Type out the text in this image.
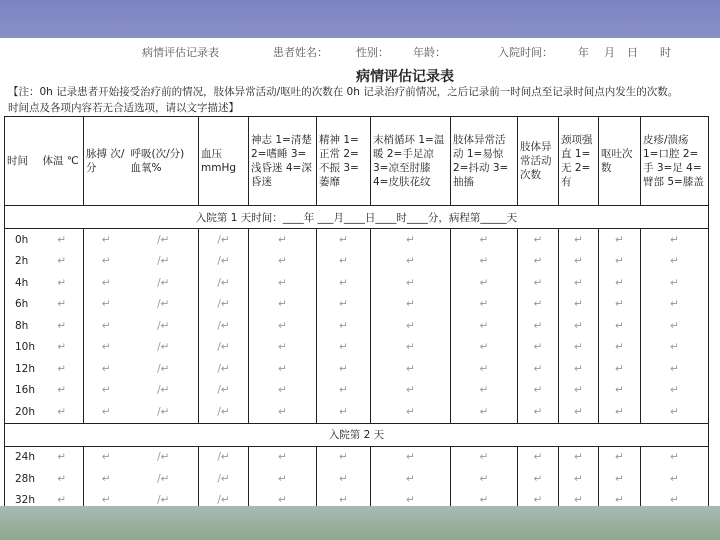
病情评估记录表	患者姓名：	性别： 年龄：	入院时间： 年 月 日 时
病情评估记录表
【注：0h 记录患者开始接受治疗前的情况，肢体异常活动/呕吐的次数在 0h 记录治疗前情况，之后记录前一时间点至记录时间点内发生的次数。
时间点及各项内容若无合适选项，请以文字描述】
时间	体温 ℃	脉搏 次/分	呼吸(次/分) 血氧%	血压 mmHg	神志 1=清楚 2=嗜睡 3=浅昏迷 4=深昏迷	精神 1=正常 2=不振 3=萎靡	末梢循环 1=温暖 2=手足凉 3=凉至肘膝 4=皮肤花纹	肢体异常活动 1=易惊 2=抖动 3=抽搐	肢体异常活动次数	颈项强直 1=无 2=有	呕吐次数	皮疹/溃疡 1=口腔 2=手 3=足 4=臂部 5=膝盖
入院第 1 天时间：____年 ___月____日____时____分，病程第_____天												
0h	↵	↵	/↵	/↵	↵	↵	↵	↵	↵	↵	↵	↵
2h	↵	↵	/↵	/↵	↵	↵	↵	↵	↵	↵	↵	↵
4h	↵	↵	/↵	/↵	↵	↵	↵	↵	↵	↵	↵	↵
6h	↵	↵	/↵	/↵	↵	↵	↵	↵	↵	↵	↵	↵
8h	↵	↵	/↵	/↵	↵	↵	↵	↵	↵	↵	↵	↵
10h	↵	↵	/↵	/↵	↵	↵	↵	↵	↵	↵	↵	↵
12h	↵	↵	/↵	/↵	↵	↵	↵	↵	↵	↵	↵	↵
16h	↵	↵	/↵	/↵	↵	↵	↵	↵	↵	↵	↵	↵
20h	↵	↵	/↵	/↵	↵	↵	↵	↵	↵	↵	↵	↵
入院第 2 天												
24h	↵	↵	/↵	/↵	↵	↵	↵	↵	↵	↵	↵	↵
28h	↵	↵	/↵	/↵	↵	↵	↵	↵	↵	↵	↵	↵
32h	↵	↵	/↵	/↵	↵	↵	↵	↵	↵	↵	↵	↵
